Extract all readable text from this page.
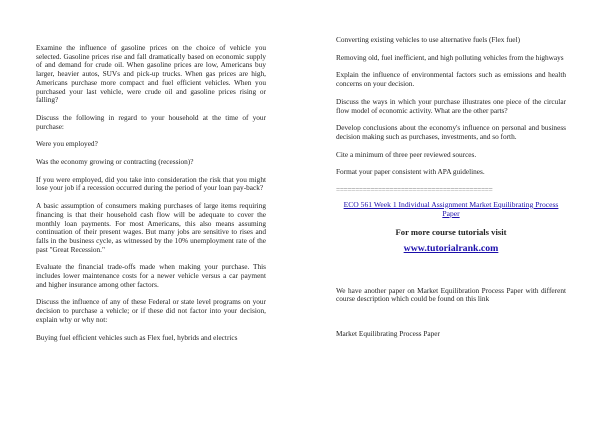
Examine the influence of gasoline prices on the choice of vehicle you selected. Gasoline prices rise and fall dramatically based on economic supply of and demand for crude oil. When gasoline prices are low, Americans buy larger, heavier autos, SUVs and pick-up trucks. When gas prices are high, Americans purchase more compact and fuel efficient vehicles. When you purchased your last vehicle, were crude oil and gasoline prices rising or falling?

Discuss the following in regard to your household at the time of your purchase:

Were you employed?

Was the economy growing or contracting (recession)?

If you were employed, did you take into consideration the risk that you might lose your job if a recession occurred during the period of your loan pay-back?

A basic assumption of consumers making purchases of large items requiring financing is that their household cash flow will be adequate to cover the monthly loan payments. For most Americans, this also means assuming continuation of their present wages. But many jobs are sensitive to rises and falls in the business cycle, as witnessed by the 10% unemployment rate of the past "Great Recession."

Evaluate the financial trade-offs made when making your purchase. This includes lower maintenance costs for a newer vehicle versus a car payment and higher insurance among other factors.

Discuss the influence of any of these Federal or state level programs on your decision to purchase a vehicle; or if these did not factor into your decision, explain why or why not:

Buying fuel efficient vehicles such as Flex fuel, hybrids and electrics

Converting existing vehicles to use alternative fuels (Flex fuel)

Removing old, fuel inefficient, and high polluting vehicles from the highways

Explain the influence of environmental factors such as emissions and health concerns on your decision.

Discuss the ways in which your purchase illustrates one piece of the circular flow model of economic activity. What are the other parts?

Develop conclusions about the economy's influence on personal and business decision making such as purchases, investments, and so forth.

Cite a minimum of three peer reviewed sources.

Format your paper consistent with APA guidelines.

=========================================
ECO 561 Week 1 Individual Assignment Market Equilibrating Process Paper
For more course tutorials visit
www.tutorialrank.com

We have another paper on Market Equilibration Process Paper with different course description which could be found on this link

Market Equilibrating Process Paper
